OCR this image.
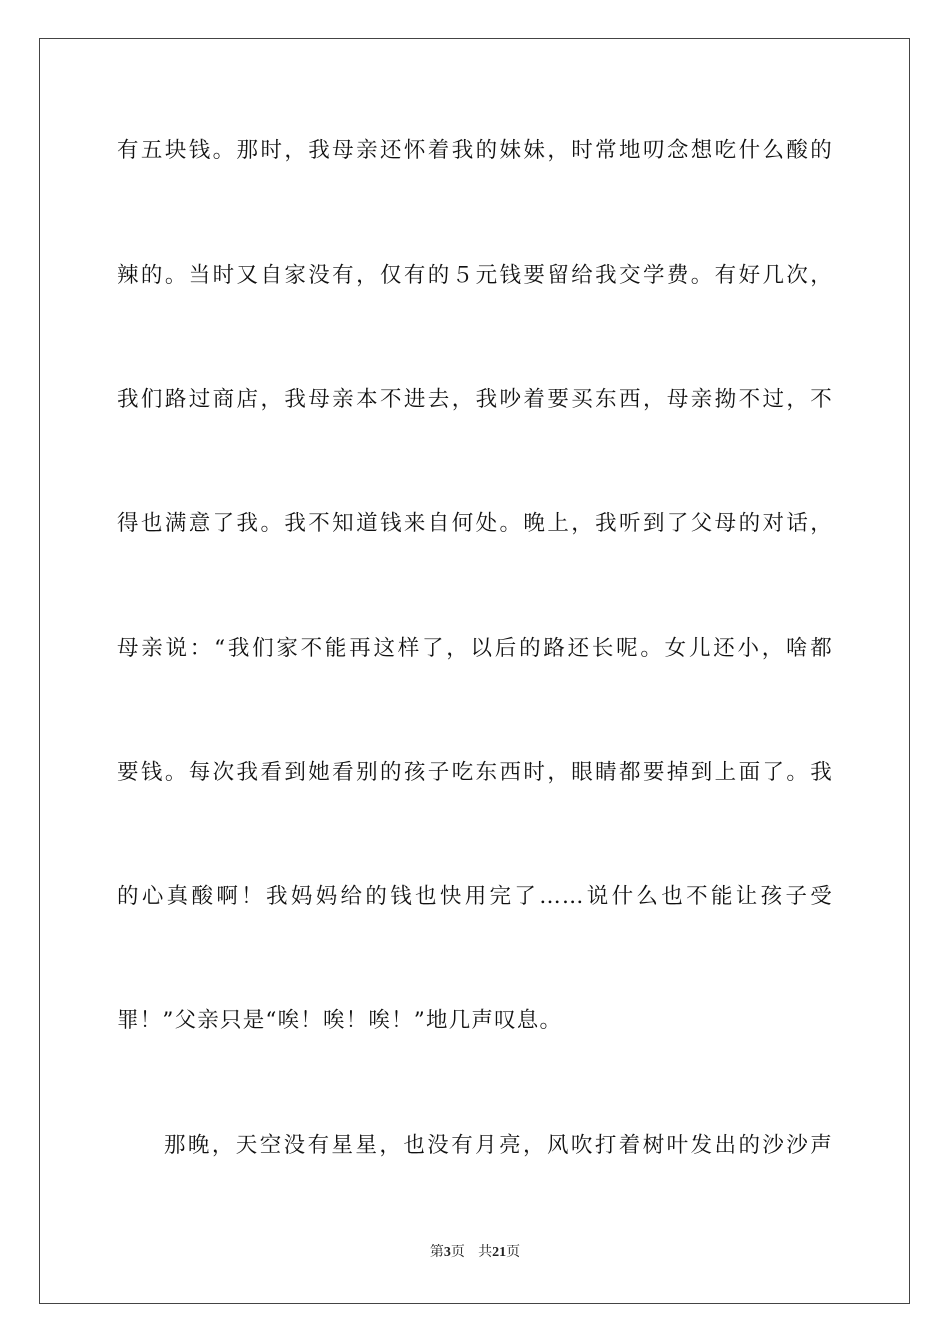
有五块钱。那时，我母亲还怀着我的妹妹，时常地叨念想吃什么酸的
辣的。当时又自家没有，仅有的５元钱要留给我交学费。有好几次，
我们路过商店，我母亲本不进去，我吵着要买东西，母亲拗不过，不
得也满意了我。我不知道钱来自何处。晚上，我听到了父母的对话，
母亲说：“我们家不能再这样了，以后的路还长呢。女儿还小，啥都
要钱。每次我看到她看别的孩子吃东西时，眼睛都要掉到上面了。我
的心真酸啊！我妈妈给的钱也快用完了……说什么也不能让孩子受
罪！”父亲只是“唉！唉！唉！”地几声叹息。
那晚，天空没有星星，也没有月亮，风吹打着树叶发出的沙沙声
第3页 共21页
